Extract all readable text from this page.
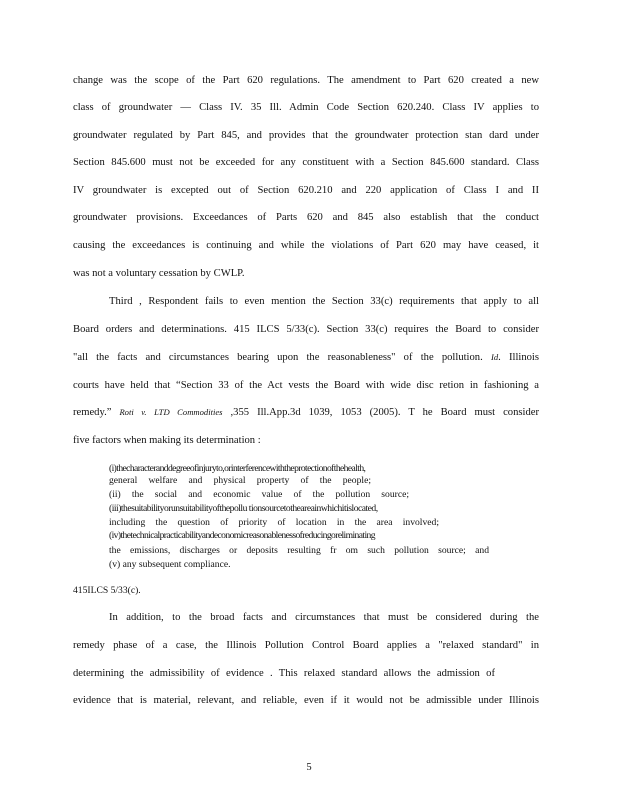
change was the scope of the Part 620 regulations. The amendment to Part 620 created a new
class of groundwater — Class IV. 35 Ill. Admin Code Section 620.240. Class IV applies to
groundwater regulated by Part 845, and provides that the groundwater protection stan dard under
Section 845.600 must not be exceeded for any constituent with a Section 845.600 standard. Class
IV groundwater is excepted out of Section 620.210 and 220 application of Class I and II
groundwater provisions. Exceedances of Parts 620 and 845 also establish that the conduct
causing the exceedances is continuing and while the violations of Part 620 may have ceased, it
was not a voluntary cessation by CWLP.
Third , Respondent fails to even mention the Section 33(c) requirements that apply to all
Board orders and determinations. 415 ILCS 5/33(c). Section 33(c) requires the Board to consider
"all the facts and circumstances bearing upon the reasonableness" of the pollution. Id. Illinois
courts have held that “Section 33 of the Act vests the Board with wide disc retion in fashioning a
remedy.” Roti v. LTD Commodities ,355 Ill.App.3d 1039, 1053 (2005). T he Board must consider
five factors when making its determination :
(i)thecharacteranddegreeofinjuryto,orinterferencewiththeprotectionofthehealth,
general welfare and physical property of the people;
(ii) the social and economic value of the pollution source;
(iii)thesuitabilityorunsuitabilityofthepollu tionsourcetotheareainwhichitislocated,
including the question of priority of location in the area involved;
(iv)thetechnicalpracticabilityandeconomicreasonablenessofreducingoreliminating
the emissions, discharges or deposits resulting fr om such pollution source; and
(v) any subsequent compliance.
415ILCS 5/33(c).
In addition, to the broad facts and circumstances that must be considered during the
remedy phase of a case, the Illinois Pollution Control Board applies a "relaxed standard" in
determining the admissibility of evidence . This relaxed standard allows the admission of
evidence that is material, relevant, and reliable, even if it would not be admissible under Illinois
5
